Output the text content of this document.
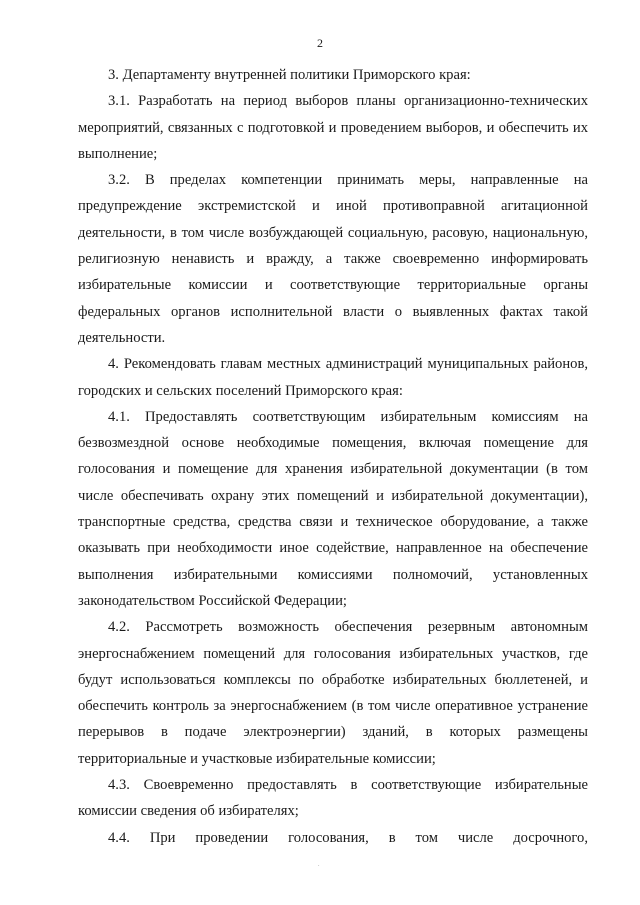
2

3. Департаменту внутренней политики Приморского края:

3.1. Разработать на период выборов планы организационно-технических мероприятий, связанных с подготовкой и проведением выборов, и обеспечить их выполнение;

3.2. В пределах компетенции принимать меры, направленные на предупреждение экстремистской и иной противоправной агитационной деятельности, в том числе возбуждающей социальную, расовую, национальную, религиозную ненависть и вражду, а также своевременно информировать избирательные комиссии и соответствующие территориальные органы федеральных органов исполнительной власти о выявленных фактах такой деятельности.

4. Рекомендовать главам местных администраций муниципальных районов, городских и сельских поселений Приморского края:

4.1. Предоставлять соответствующим избирательным комиссиям на безвозмездной основе необходимые помещения, включая помещение для голосования и помещение для хранения избирательной документации (в том числе обеспечивать охрану этих помещений и избирательной документации), транспортные средства, средства связи и техническое оборудование, а также оказывать при необходимости иное содействие, направленное на обеспечение выполнения избирательными комиссиями полномочий, установленных законодательством Российской Федерации;

4.2. Рассмотреть возможность обеспечения резервным автономным энергоснабжением помещений для голосования избирательных участков, где будут использоваться комплексы по обработке избирательных бюллетеней, и обеспечить контроль за энергоснабжением (в том числе оперативное устранение перерывов в подаче электроэнергии) зданий, в которых размещены территориальные и участковые избирательные комиссии;

4.3. Своевременно предоставлять в соответствующие избирательные комиссии сведения об избирателях;

4.4. При проведении голосования, в том числе досрочного,

.
